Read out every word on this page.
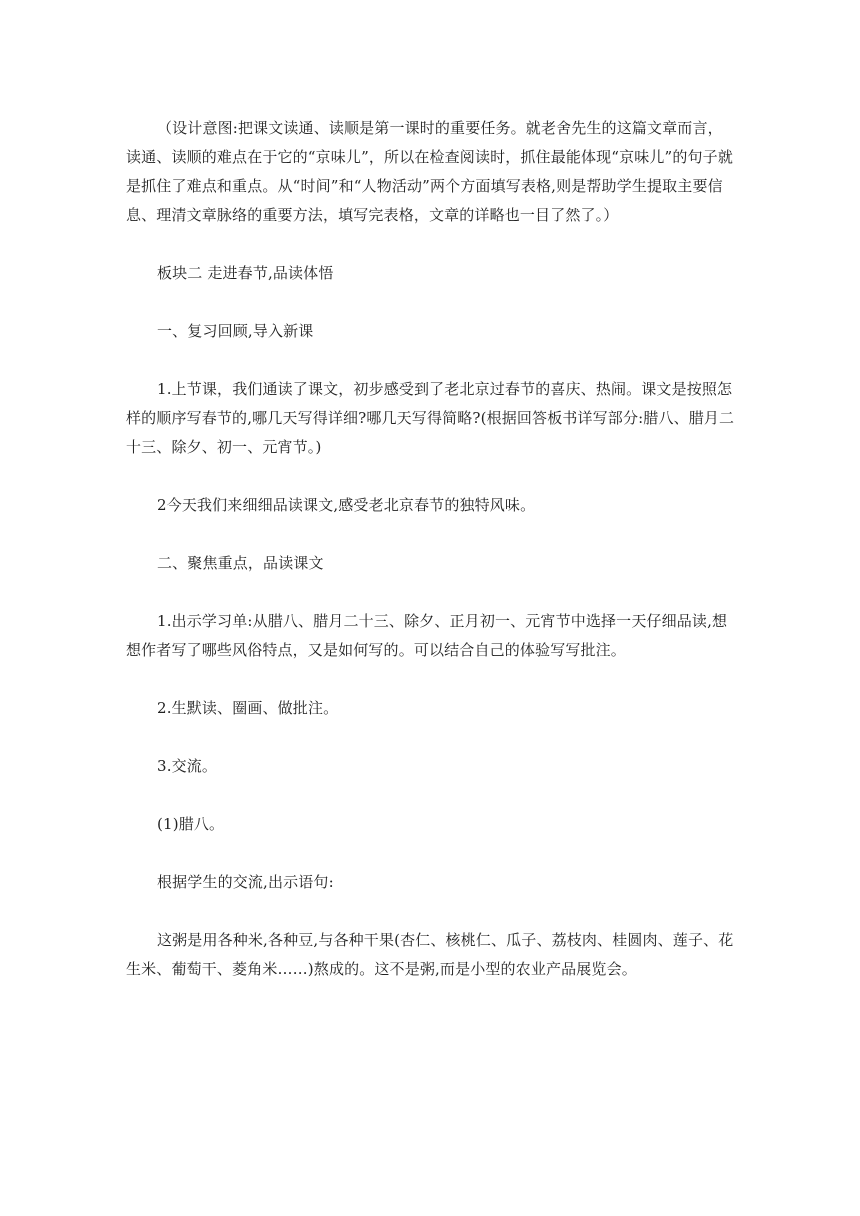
（设计意图:把课文读通、读顺是第一课时的重要任务。就老舍先生的这篇文章而言，读通、读顺的难点在于它的“京味儿”，所以在检查阅读时，抓住最能体现“京味儿”的句子就是抓住了难点和重点。从“时间”和“人物活动”两个方面填写表格,则是帮助学生提取主要信息、理清文章脉络的重要方法，填写完表格，文章的详略也一目了然了。）

板块二 走进春节,品读体悟

一、复习回顾,导入新课

1.上节课，我们通读了课文，初步感受到了老北京过春节的喜庆、热闹。课文是按照怎样的顺序写春节的,哪几天写得详细?哪几天写得简略?(根据回答板书详写部分:腊八、腊月二十三、除夕、初一、元宵节。)

2今天我们来细细品读课文,感受老北京春节的独特风味。

二、聚焦重点，品读课文

1.出示学习单:从腊八、腊月二十三、除夕、正月初一、元宵节中选择一天仔细品读,想想作者写了哪些风俗特点，又是如何写的。可以结合自己的体验写写批注。

2.生默读、圈画、做批注。

3.交流。

(1)腊八。

根据学生的交流,出示语句:

这粥是用各种米,各种豆,与各种干果(杏仁、核桃仁、瓜子、荔枝肉、桂圆肉、莲子、花生米、葡萄干、菱角米……)熬成的。这不是粥,而是小型的农业产品展览会。
